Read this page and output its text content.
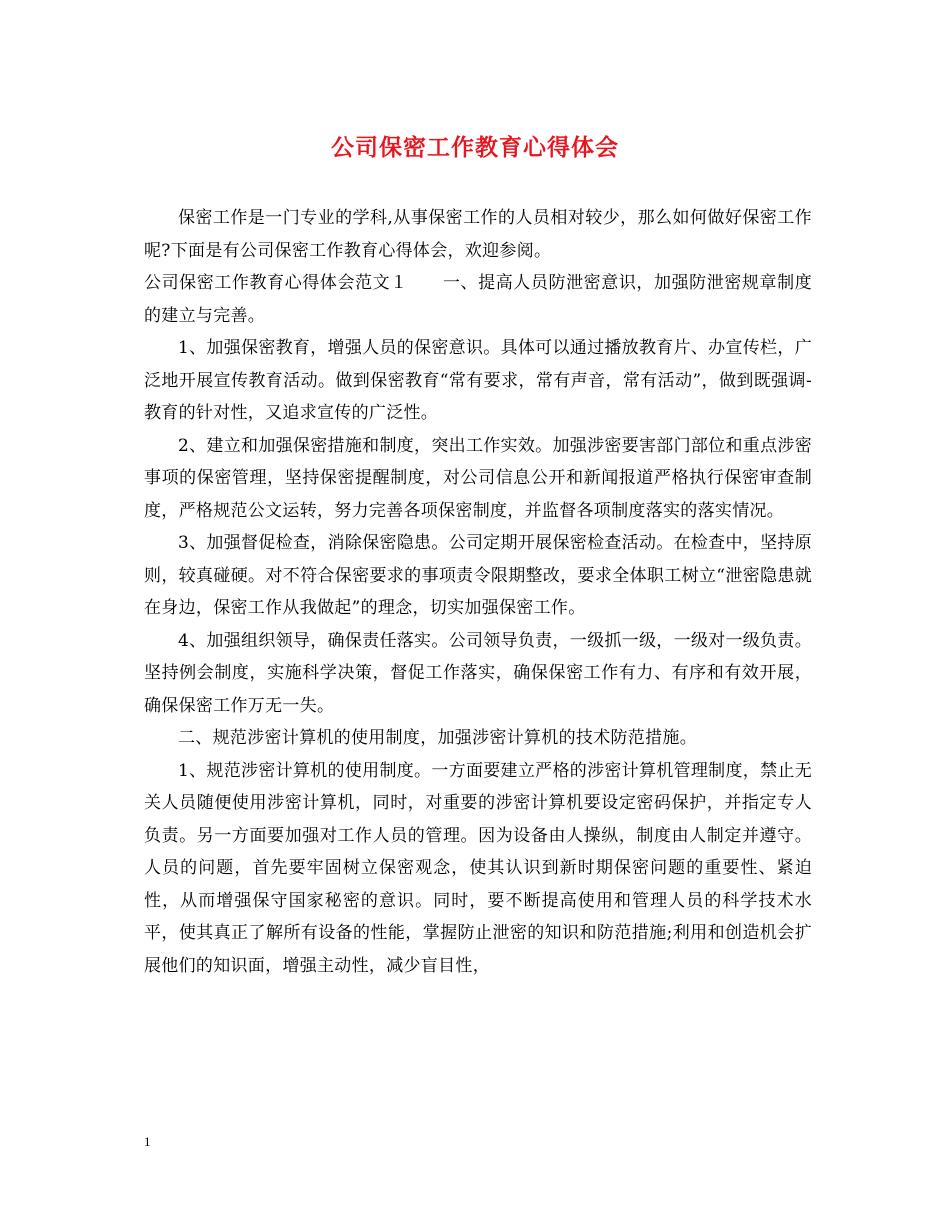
公司保密工作教育心得体会

保密工作是一门专业的学科,从事保密工作的人员相对较少，那么如何做好保密工作呢?下面是有公司保密工作教育心得体会，欢迎参阅。

公司保密工作教育心得体会范文１　　一、提高人员防泄密意识，加强防泄密规章制度的建立与完善。

1、加强保密教育，增强人员的保密意识。具体可以通过播放教育片、办宣传栏，广泛地开展宣传教育活动。做到保密教育“常有要求，常有声音，常有活动”，做到既强调-教育的针对性，又追求宣传的广泛性。

2、建立和加强保密措施和制度，突出工作实效。加强涉密要害部门部位和重点涉密事项的保密管理，坚持保密提醒制度，对公司信息公开和新闻报道严格执行保密审查制度，严格规范公文运转，努力完善各项保密制度，并监督各项制度落实的落实情况。

3、加强督促检查，消除保密隐患。公司定期开展保密检查活动。在检查中，坚持原则，较真碰硬。对不符合保密要求的事项责令限期整改，要求全体职工树立“泄密隐患就在身边，保密工作从我做起”的理念，切实加强保密工作。

4、加强组织领导，确保责任落实。公司领导负责，一级抓一级，一级对一级负责。坚持例会制度，实施科学决策，督促工作落实，确保保密工作有力、有序和有效开展，确保保密工作万无一失。

二、规范涉密计算机的使用制度，加强涉密计算机的技术防范措施。

1、规范涉密计算机的使用制度。一方面要建立严格的涉密计算机管理制度，禁止无关人员随便使用涉密计算机，同时，对重要的涉密计算机要设定密码保护，并指定专人负责。另一方面要加强对工作人员的管理。因为设备由人操纵，制度由人制定并遵守。人员的问题，首先要牢固树立保密观念，使其认识到新时期保密问题的重要性、紧迫性，从而增强保守国家秘密的意识。同时，要不断提高使用和管理人员的科学技术水平，使其真正了解所有设备的性能，掌握防止泄密的知识和防范措施;利用和创造机会扩展他们的知识面，增强主动性，减少盲目性，

1
